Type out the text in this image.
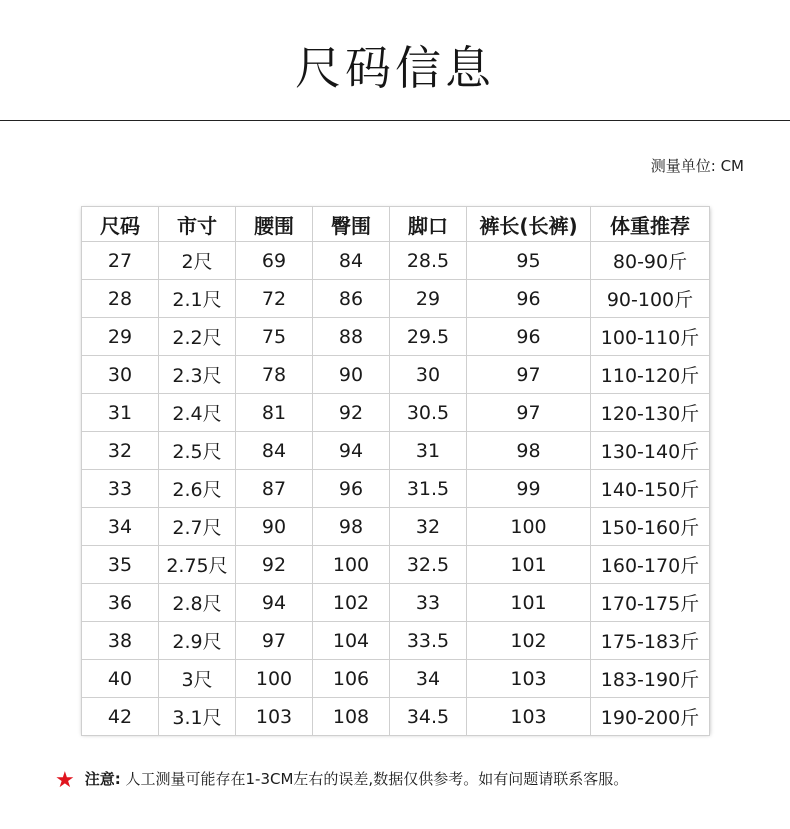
尺码信息
测量单位: CM
尺码	市寸	腰围	臀围	脚口	裤长(长裤)	体重推荐
27	2尺	69	84	28.5	95	80-90斤
28	2.1尺	72	86	29	96	90-100斤
29	2.2尺	75	88	29.5	96	100-110斤
30	2.3尺	78	90	30	97	110-120斤
31	2.4尺	81	92	30.5	97	120-130斤
32	2.5尺	84	94	31	98	130-140斤
33	2.6尺	87	96	31.5	99	140-150斤
34	2.7尺	90	98	32	100	150-160斤
35	2.75尺	92	100	32.5	101	160-170斤
36	2.8尺	94	102	33	101	170-175斤
38	2.9尺	97	104	33.5	102	175-183斤
40	3尺	100	106	34	103	183-190斤
42	3.1尺	103	108	34.5	103	190-200斤
★ 注意: 人工测量可能存在1-3CM左右的误差,数据仅供参考。如有问题请联系客服。
